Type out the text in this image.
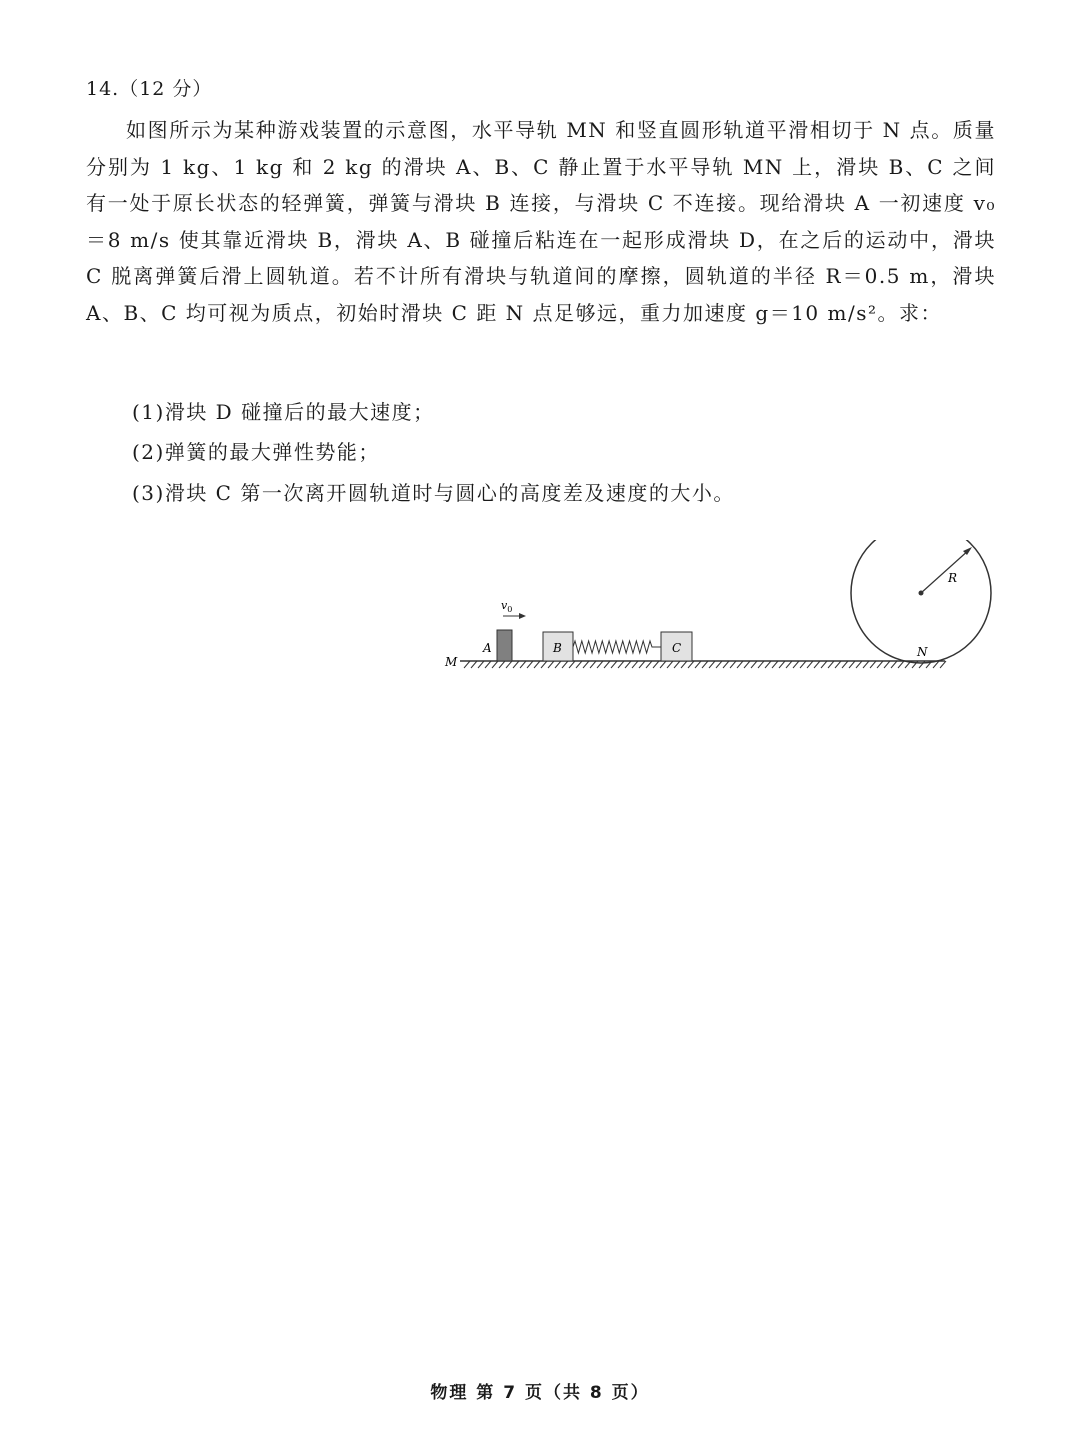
14.（12 分）
如图所示为某种游戏装置的示意图，水平导轨 MN 和竖直圆形轨道平滑相切于 N 点。质量分别为 1 kg、1 kg 和 2 kg 的滑块 A、B、C 静止置于水平导轨 MN 上，滑块 B、C 之间有一处于原长状态的轻弹簧，弹簧与滑块 B 连接，与滑块 C 不连接。现给滑块 A 一初速度 v₀＝8 m/s 使其靠近滑块 B，滑块 A、B 碰撞后粘连在一起形成滑块 D，在之后的运动中，滑块 C 脱离弹簧后滑上圆轨道。若不计所有滑块与轨道间的摩擦，圆轨道的半径 R＝0.5 m，滑块 A、B、C 均可视为质点，初始时滑块 C 距 N 点足够远，重力加速度 g＝10 m/s²。求：
(1)滑块 D 碰撞后的最大速度；
(2)弹簧的最大弹性势能；
(3)滑块 C 第一次离开圆轨道时与圆心的高度差及速度的大小。
R
A
$v_0$
B	C
M
N
物理 第 7 页（共 8 页）
